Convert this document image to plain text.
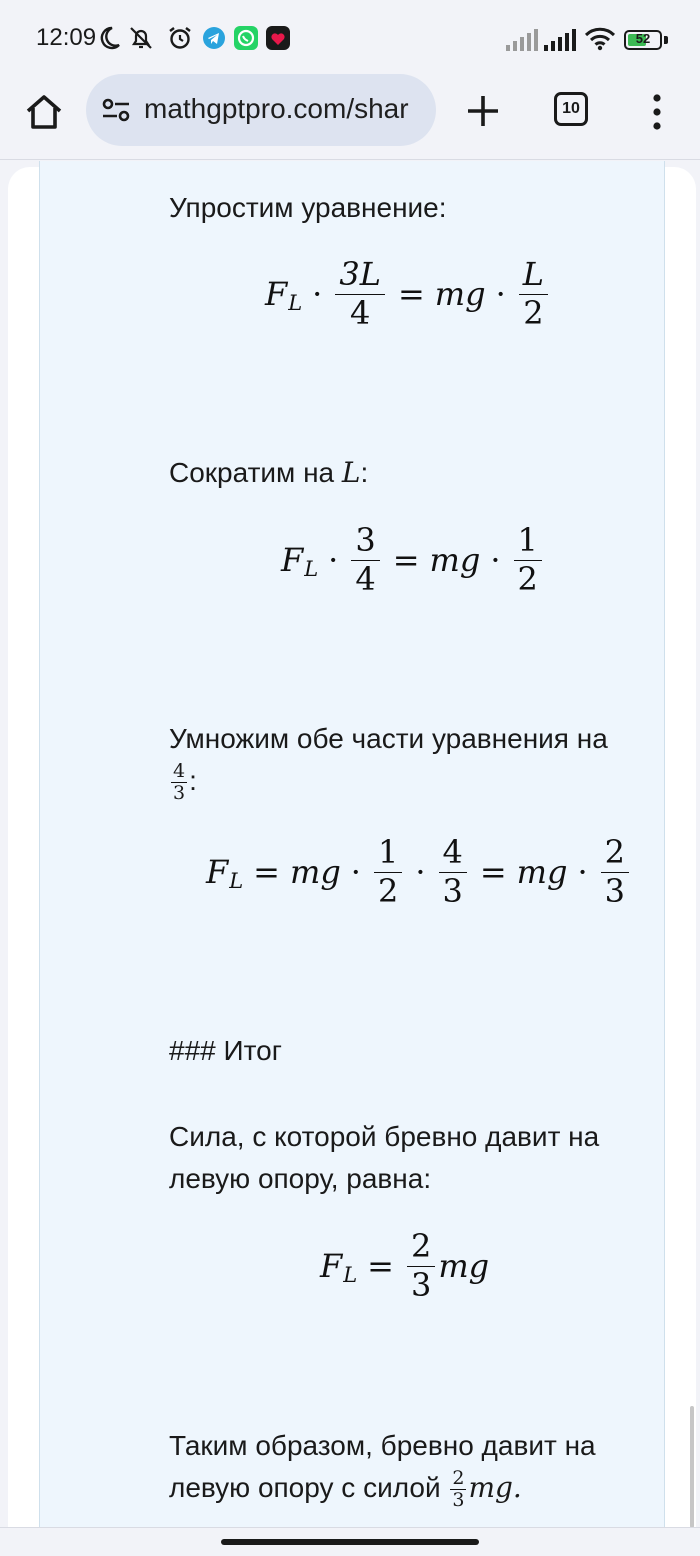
12:09	52
mathgptpro.com/shar	10
Упростим уравнение:
F $L \cdot \frac{3L}{4}$ = mg · $\frac{L}{2}$
Сократим на L:
F $L \cdot \frac{3}{4}$ = mg · $\frac{1}{2}$
Умножим обе части уравнения на
$\frac{4}{3}$ :
F L = mg · $\frac{1}{2} \cdot \frac{4}{3}$ = mg · $\frac{2}{3}$
### Итог
Сила, с которой бревно давит на
левую опору, равна:
F $L = \frac{2}{3}$ mg
Таким образом, бревно давит на
левую опору с силой $\frac{2}{3}$ mg.
